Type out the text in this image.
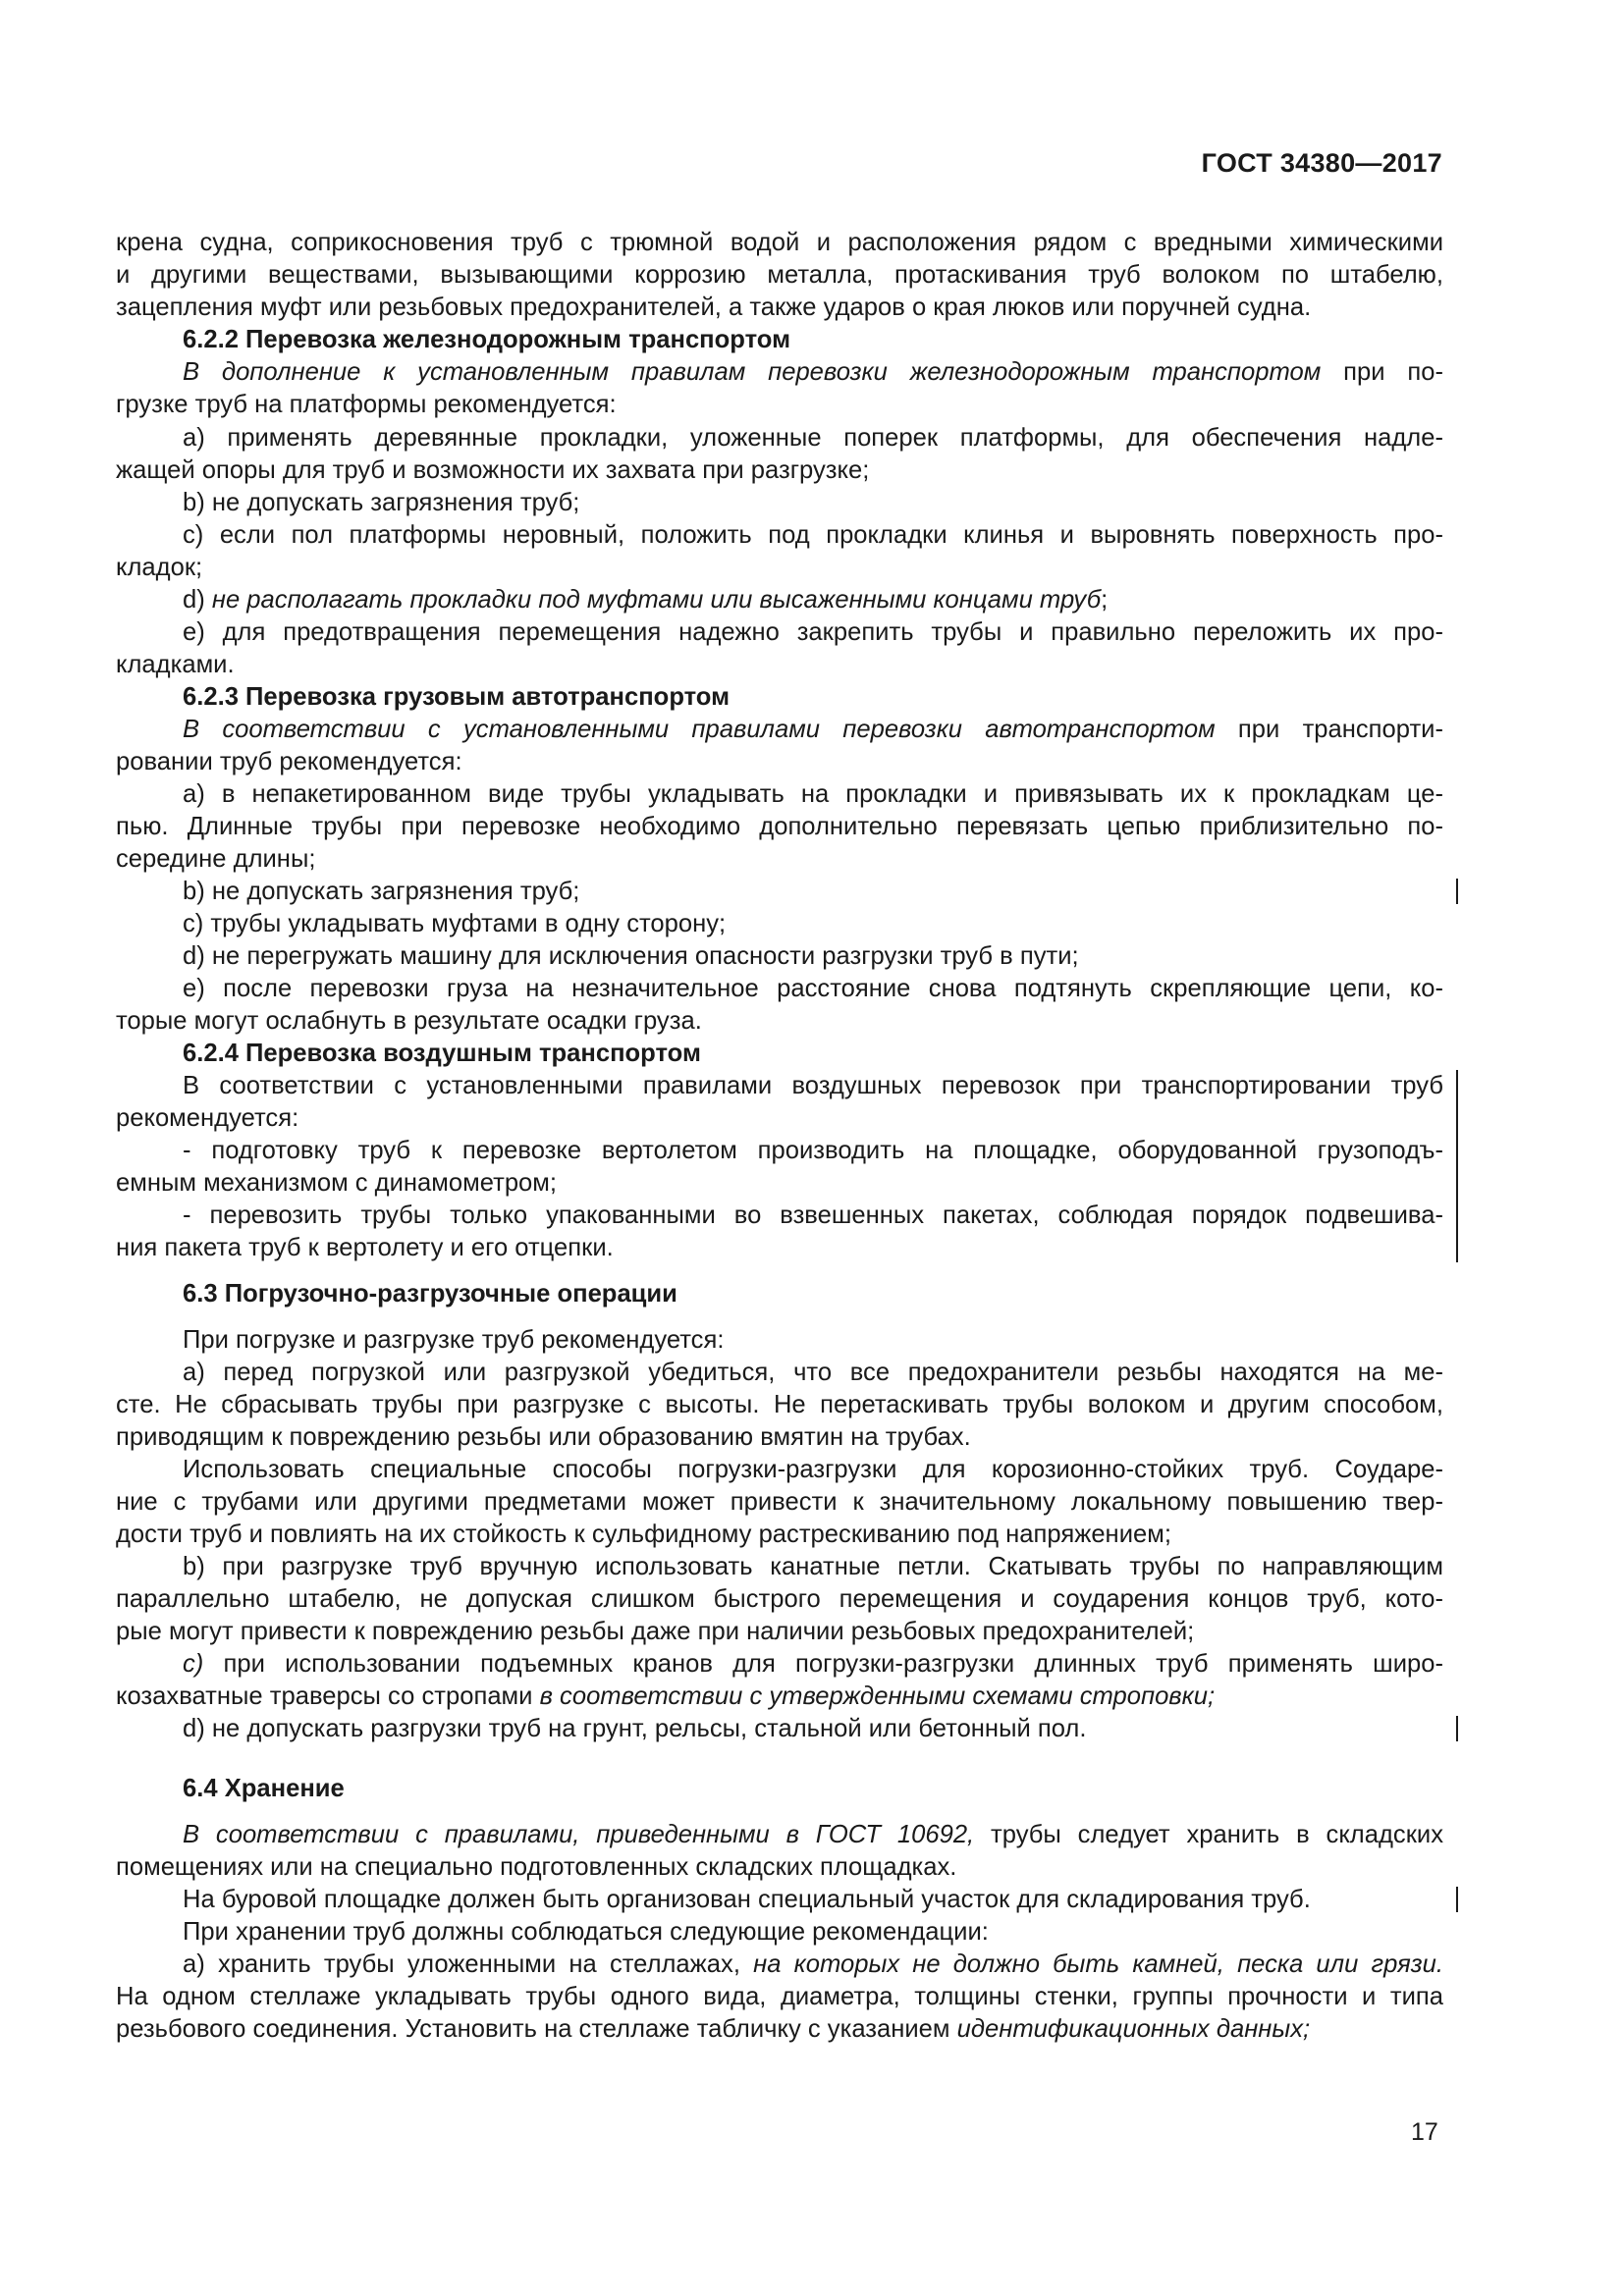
ГОСТ 34380—2017
крена судна, соприкосновения труб с трюмной водой и расположения рядом с вредными химическими
и другими веществами, вызывающими коррозию металла, протаскивания труб волоком по штабелю,
зацепления муфт или резьбовых предохранителей, а также ударов о края люков или поручней судна.
6.2.2 Перевозка железнодорожным транспортом
В дополнение к установленным правилам перевозки железнодорожным транспортом при по-
грузке труб на платформы рекомендуется:
a) применять деревянные прокладки, уложенные поперек платформы, для обеспечения надле-
жащей опоры для труб и возможности их захвата при разгрузке;
b) не допускать загрязнения труб;
c) если пол платформы неровный, положить под прокладки клинья и выровнять поверхность про-
кладок;
d) не располагать прокладки под муфтами или высаженными концами труб;
e) для предотвращения перемещения надежно закрепить трубы и правильно переложить их про-
кладками.
6.2.3 Перевозка грузовым автотранспортом
В соответствии с установленными правилами перевозки автотранспортом при транспорти-
ровании труб рекомендуется:
a) в непакетированном виде трубы укладывать на прокладки и привязывать их к прокладкам це-
пью. Длинные трубы при перевозке необходимо дополнительно перевязать цепью приблизительно по-
середине длины;
b) не допускать загрязнения труб;
c) трубы укладывать муфтами в одну сторону;
d) не перегружать машину для исключения опасности разгрузки труб в пути;
e) после перевозки груза на незначительное расстояние снова подтянуть скрепляющие цепи, ко-
торые могут ослабнуть в результате осадки груза.
6.2.4 Перевозка воздушным транспортом
В соответствии с установленными правилами воздушных перевозок при транспортировании труб
рекомендуется:
- подготовку труб к перевозке вертолетом производить на площадке, оборудованной грузоподъ-
емным механизмом с динамометром;
- перевозить трубы только упакованными во взвешенных пакетах, соблюдая порядок подвешива-
ния пакета труб к вертолету и его отцепки.
6.3 Погрузочно-разгрузочные операции
При погрузке и разгрузке труб рекомендуется:
a) перед погрузкой или разгрузкой убедиться, что все предохранители резьбы находятся на ме-
сте. Не сбрасывать трубы при разгрузке с высоты. Не перетаскивать трубы волоком и другим способом,
приводящим к повреждению резьбы или образованию вмятин на трубах.
Использовать специальные способы погрузки-разгрузки для корозионно-стойких труб. Соударе-
ние с трубами или другими предметами может привести к значительному локальному повышению твер-
дости труб и повлиять на их стойкость к сульфидному растрескиванию под напряжением;
b) при разгрузке труб вручную использовать канатные петли. Скатывать трубы по направляющим
параллельно штабелю, не допуская слишком быстрого перемещения и соударения концов труб, кото-
рые могут привести к повреждению резьбы даже при наличии резьбовых предохранителей;
c) при использовании подъемных кранов для погрузки-разгрузки длинных труб применять широ-
козахватные траверсы со стропами в соответствии с утвержденными схемами строповки;
d) не допускать разгрузки труб на грунт, рельсы, стальной или бетонный пол.
6.4 Хранение
В соответствии с правилами, приведенными в ГОСТ 10692, трубы следует хранить в складских
помещениях или на специально подготовленных складских площадках.
На буровой площадке должен быть организован специальный участок для складирования труб.
При хранении труб должны соблюдаться следующие рекомендации:
a) хранить трубы уложенными на стеллажах, на которых не должно быть камней, песка или грязи.
На одном стеллаже укладывать трубы одного вида, диаметра, толщины стенки, группы прочности и типа
резьбового соединения. Установить на стеллаже табличку с указанием идентификационных данных;
17
